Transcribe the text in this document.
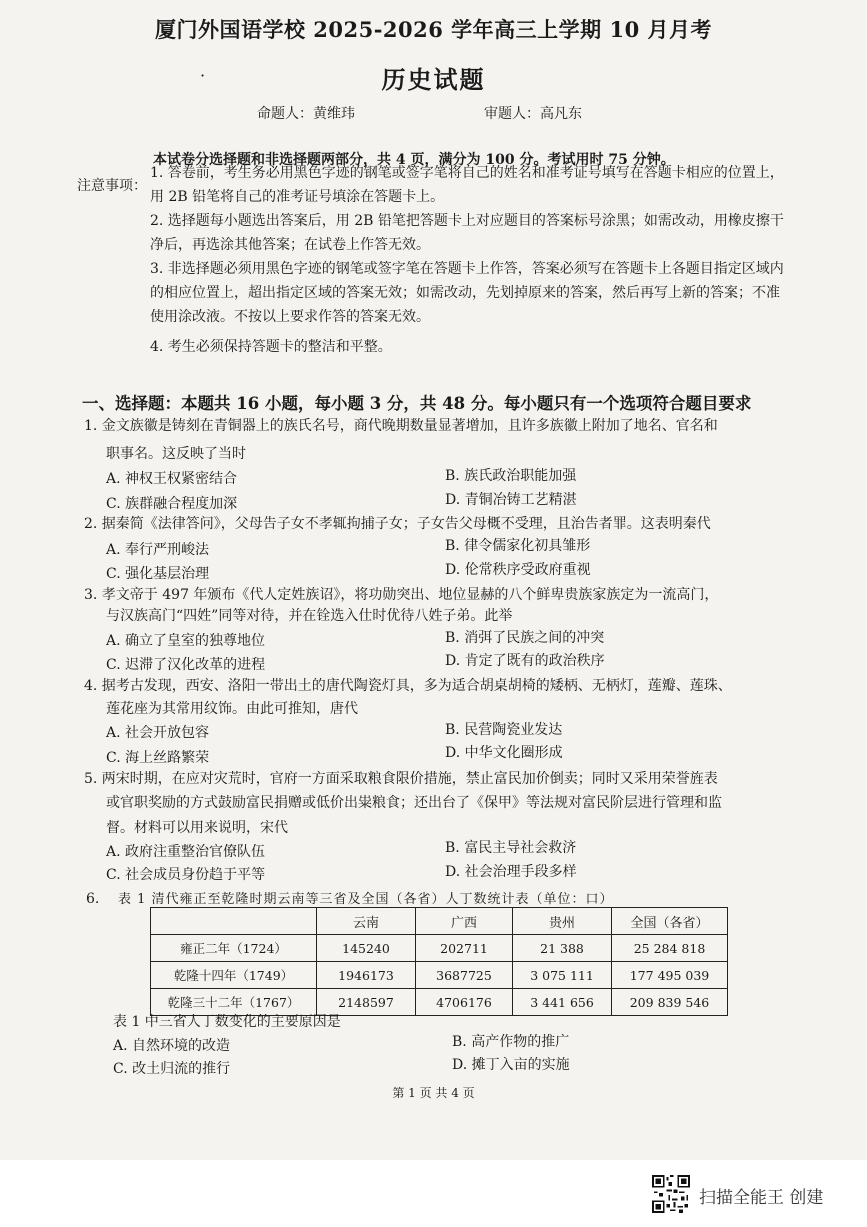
厦门外国语学校 2025-2026 学年高三上学期 10 月月考
·	历史试题
命题人：黄维玮	审题人：高凡东
本试卷分选择题和非选择题两部分，共 4 页，满分为 100 分。考试用时 75 分钟。
注意事项：
1. 答卷前，考生务必用黑色字迹的钢笔或签字笔将自己的姓名和准考证号填写在答题卡相应的位置上，用 2B 铅笔将自己的准考证号填涂在答题卡上。
2. 选择题每小题选出答案后，用 2B 铅笔把答题卡上对应题目的答案标号涂黑；如需改动，用橡皮擦干净后，再选涂其他答案；在试卷上作答无效。
3. 非选择题必须用黑色字迹的钢笔或签字笔在答题卡上作答，答案必须写在答题卡上各题目指定区域内的相应位置上，超出指定区域的答案无效；如需改动，先划掉原来的答案，然后再写上新的答案；不准使用涂改液。不按以上要求作答的答案无效。
4. 考生必须保持答题卡的整洁和平整。
一、选择题：本题共 16 小题，每小题 3 分，共 48 分。每小题只有一个选项符合题目要求
1. 金文族徽是铸刻在青铜器上的族氏名号，商代晚期数量显著增加，且许多族徽上附加了地名、官名和
职事名。这反映了当时
A. 神权王权紧密结合	B. 族氏政治职能加强
C. 族群融合程度加深	D. 青铜冶铸工艺精湛
2. 据秦简《法律答问》，父母告子女不孝辄拘捕子女；子女告父母概不受理，且治告者罪。这表明秦代
A. 奉行严刑峻法	B. 律令儒家化初具雏形
C. 强化基层治理	D. 伦常秩序受政府重视
3. 孝文帝于 497 年颁布《代人定姓族诏》，将功勋突出、地位显赫的八个鲜卑贵族家族定为一流高门，
与汉族高门“四姓”同等对待，并在铨选入仕时优待八姓子弟。此举
A. 确立了皇室的独尊地位	B. 消弭了民族之间的冲突
C. 迟滞了汉化改革的进程	D. 肯定了既有的政治秩序
4. 据考古发现，西安、洛阳一带出土的唐代陶瓷灯具，多为适合胡桌胡椅的矮柄、无柄灯，莲瓣、莲珠、
莲花座为其常用纹饰。由此可推知，唐代
A. 社会开放包容	B. 民营陶瓷业发达
C. 海上丝路繁荣	D. 中华文化圈形成
5. 两宋时期，在应对灾荒时，官府一方面采取粮食限价措施，禁止富民加价倒卖；同时又采用荣誉旌表
或官职奖励的方式鼓励富民捐赠或低价出粜粮食；还出台了《保甲》等法规对富民阶层进行管理和监
督。材料可以用来说明，宋代
A. 政府注重整治官僚队伍	B. 富民主导社会救济
C. 社会成员身份趋于平等	D. 社会治理手段多样
6. 表 1 清代雍正至乾隆时期云南等三省及全国（各省）人丁数统计表（单位：口）
	云南	广西	贵州	全国（各省）
雍正二年（1724）	145240	202711	21 388	25 284 818
乾隆十四年（1749）	1946173	3687725	3 075 111	177 495 039
乾隆三十二年（1767）	2148597	4706176	3 441 656	209 839 546
表 1 中三省人丁数变化的主要原因是
A. 自然环境的改造	B. 高产作物的推广
C. 改土归流的推行	D. 摊丁入亩的实施
第 1 页 共 4 页
扫描全能王 创建
